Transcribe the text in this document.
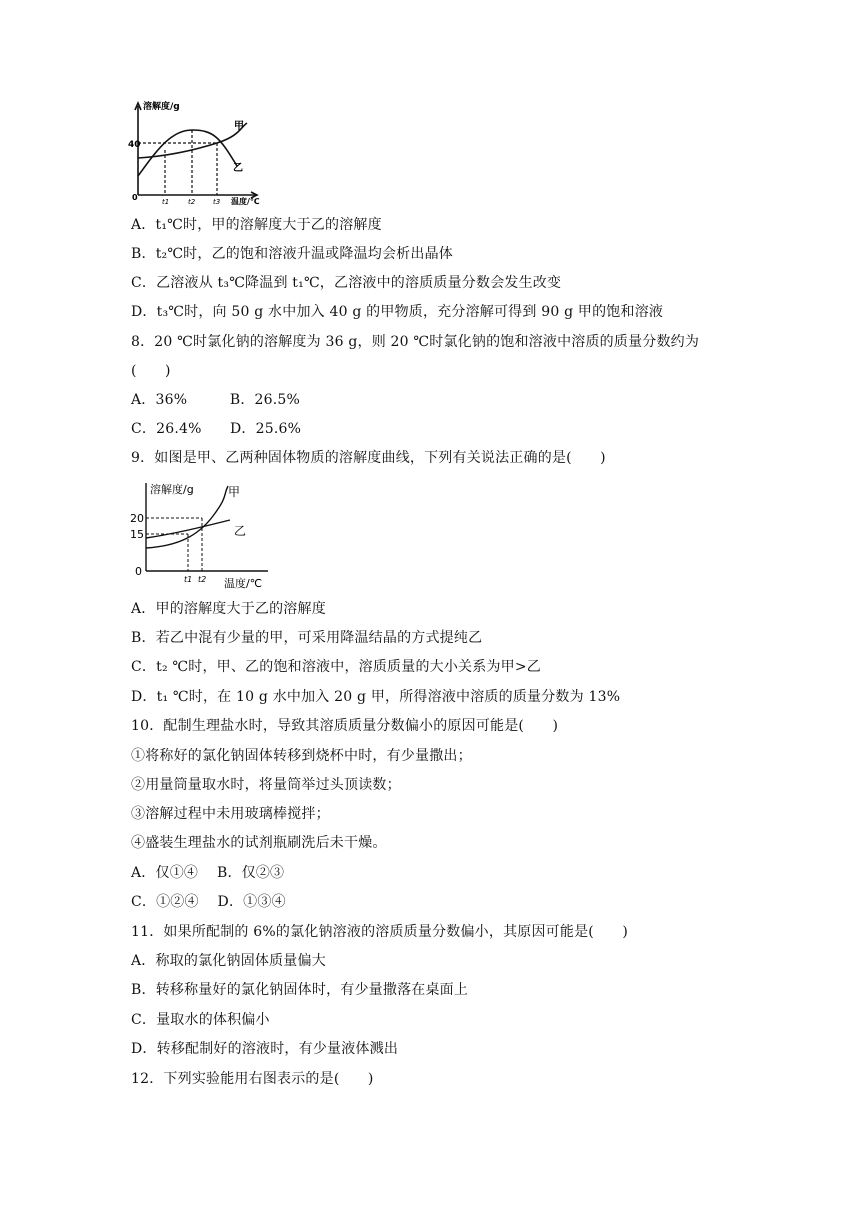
溶解度/g
40
0	t1	t2	t3 温度/℃
甲
乙
A．t₁℃时，甲的溶解度大于乙的溶解度
B．t₂℃时，乙的饱和溶液升温或降温均会析出晶体
C．乙溶液从 t₃℃降温到 t₁℃，乙溶液中的溶质质量分数会发生改变
D．t₃℃时，向 50 g 水中加入 40 g 的甲物质，充分溶解可得到 90 g 甲的饱和溶液
8．20 ℃时氯化钠的溶解度为 36 g，则 20 ℃时氯化钠的饱和溶液中溶质的质量分数约为
(　　)
A．36%　　　B．26.5%
C．26.4%　　D．25.6%
9．如图是甲、乙两种固体物质的溶解度曲线，下列有关说法正确的是(　　)
溶解度/g
20
15
0
t1 t2 温度/℃
甲
乙
A．甲的溶解度大于乙的溶解度
B．若乙中混有少量的甲，可采用降温结晶的方式提纯乙
C．t₂ ℃时，甲、乙的饱和溶液中，溶质质量的大小关系为甲>乙
D．t₁ ℃时，在 10 g 水中加入 20 g 甲，所得溶液中溶质的质量分数为 13%
10．配制生理盐水时，导致其溶质质量分数偏小的原因可能是(　　)
①将称好的氯化钠固体转移到烧杯中时，有少量撒出；
②用量筒量取水时，将量筒举过头顶读数；
③溶解过程中未用玻璃棒搅拌；
④盛装生理盐水的试剂瓶刷洗后未干燥。
A．仅①④　 B．仅②③
C．①②④　 D．①③④
11．如果所配制的 6%的氯化钠溶液的溶质质量分数偏小，其原因可能是(　　)
A．称取的氯化钠固体质量偏大
B．转移称量好的氯化钠固体时，有少量撒落在桌面上
C．量取水的体积偏小
D．转移配制好的溶液时，有少量液体溅出
12．下列实验能用右图表示的是(　　)
